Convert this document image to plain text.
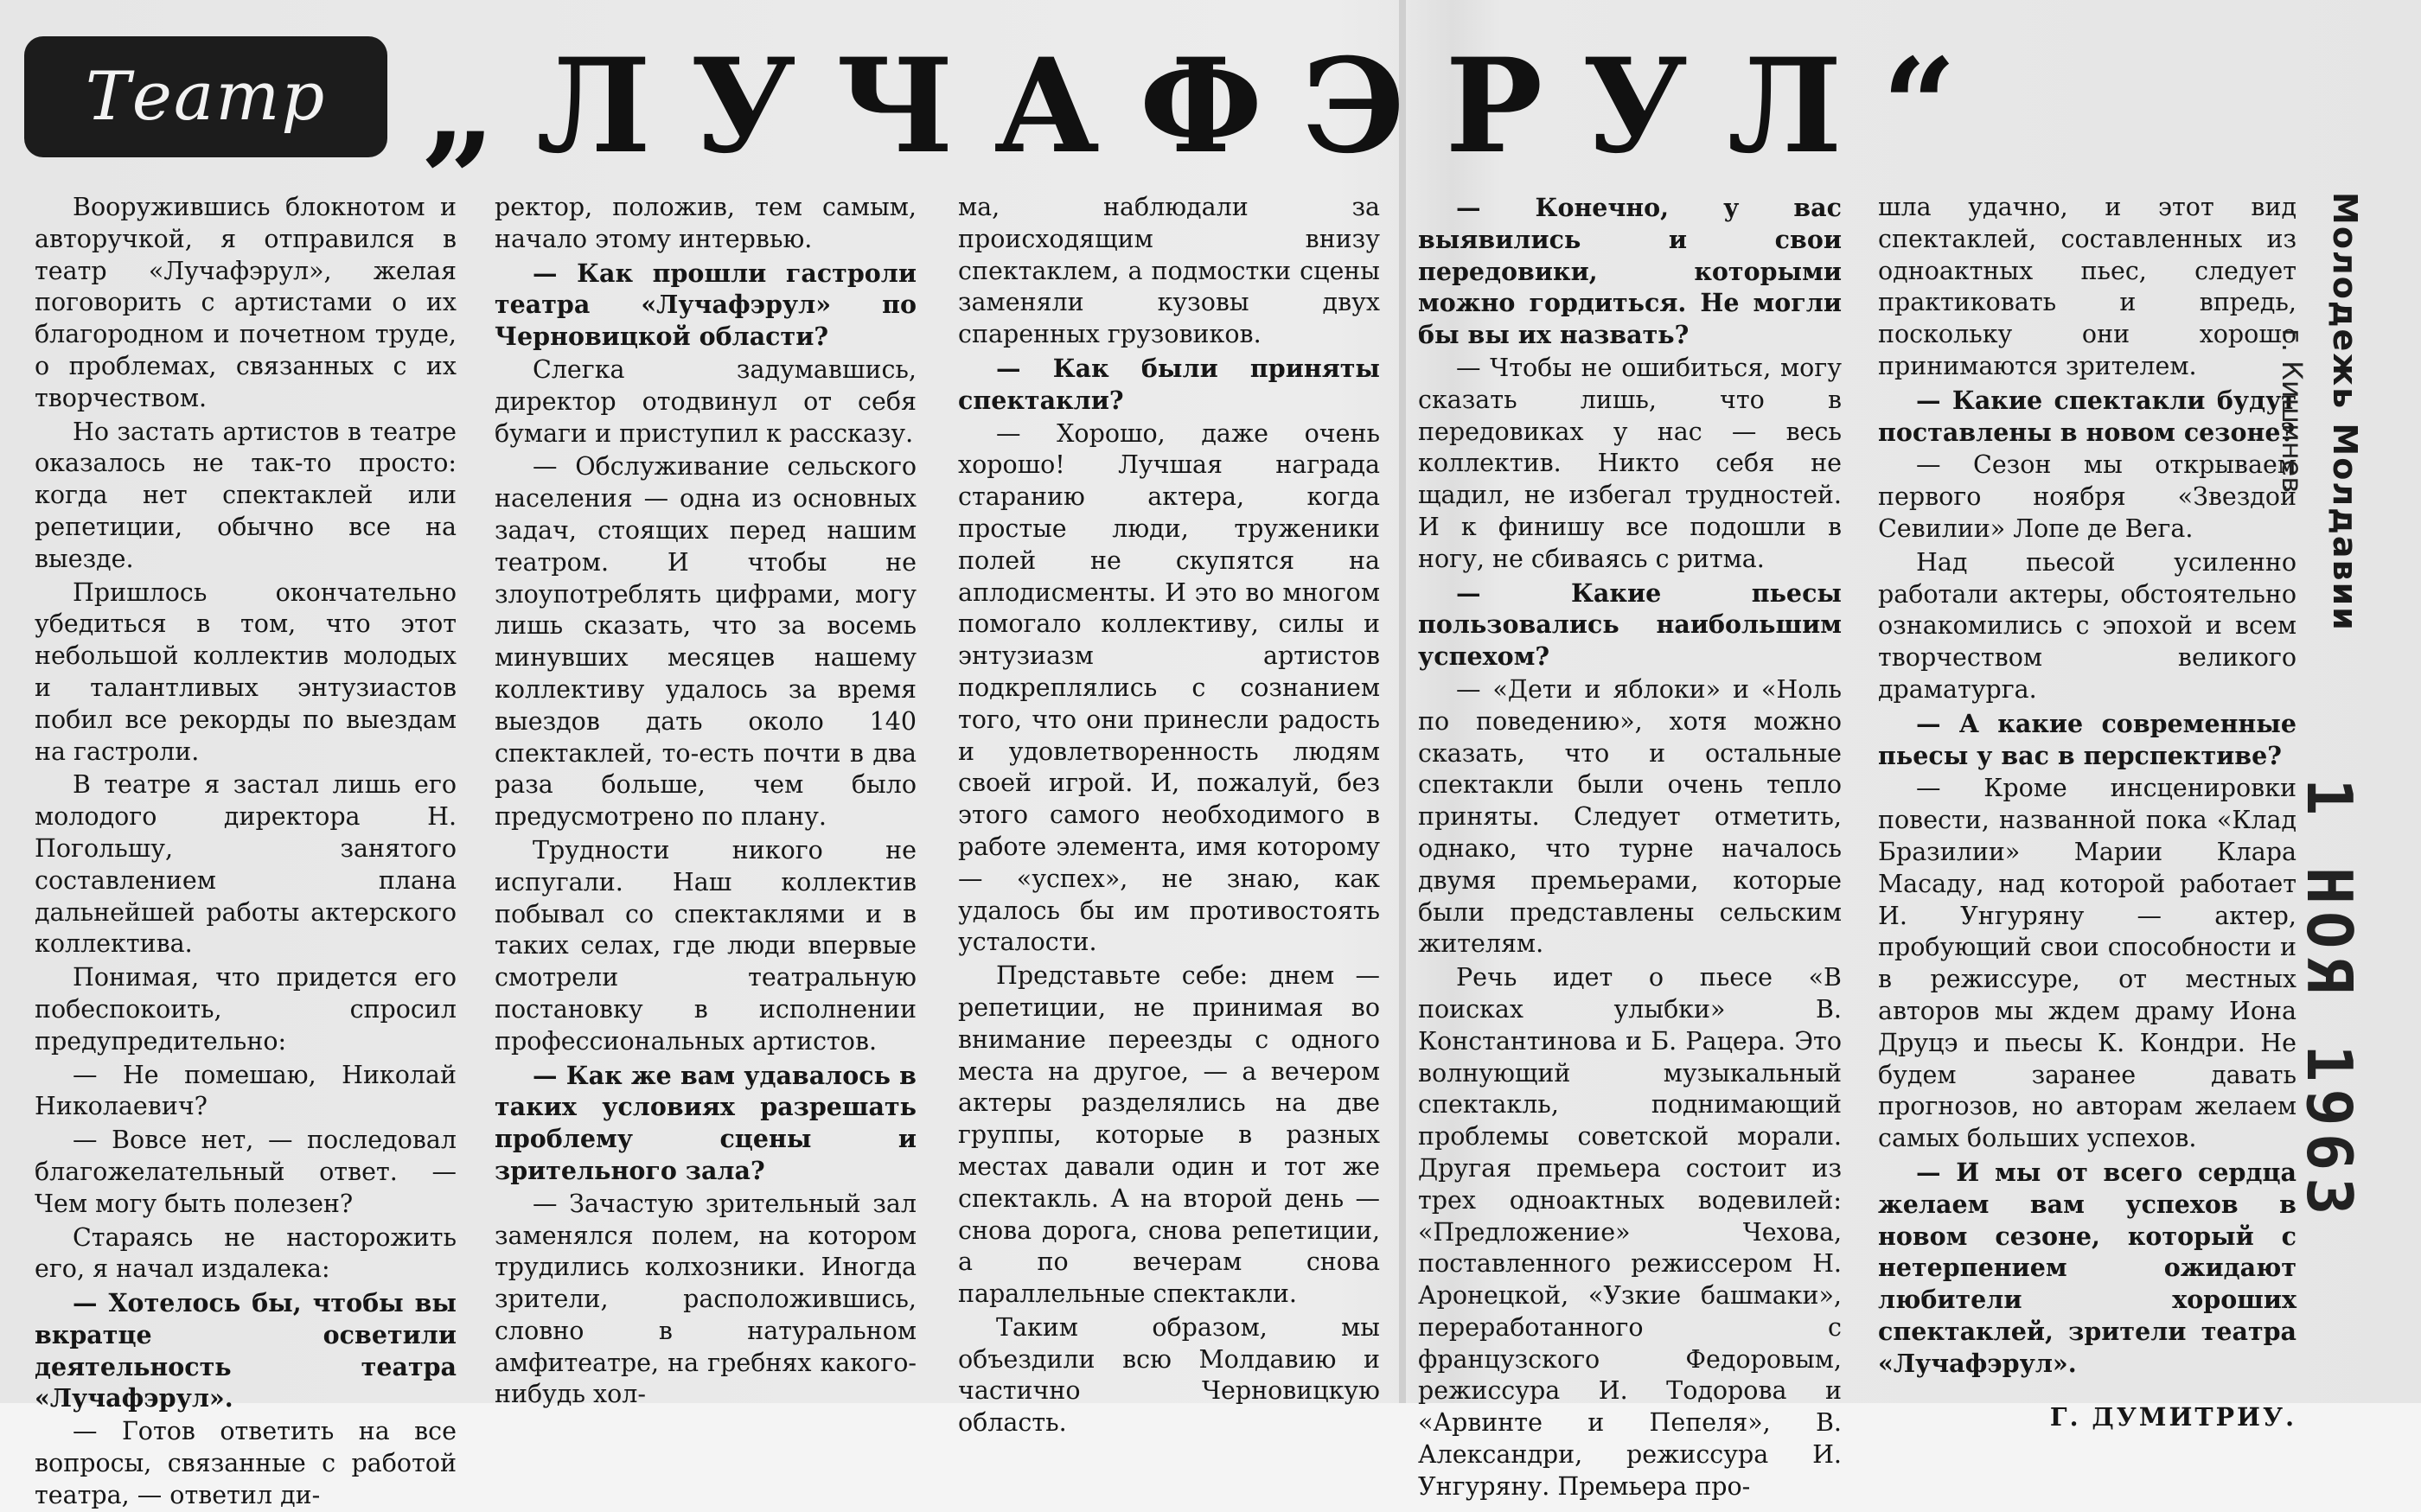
Театр „ЛУЧАФЭРУЛ“

Вооружившись блокнотом и авторучкой, я отправился в театр «Лучафэрул», желая поговорить с артистами о их благородном и почетном труде, о проблемах, связанных с их творчеством.

Но застать артистов в театре оказалось не так-то просто: когда нет спектаклей или репетиции, обычно все на выезде.

Пришлось окончательно убедиться в том, что этот небольшой коллектив молодых и талантливых энтузиастов побил все рекорды по выездам на гастроли.

В театре я застал лишь его молодого директора Н. Погольшу, занятого составлением плана дальнейшей работы актерского коллектива.

Понимая, что придется его побеспокоить, спросил предупредительно:

— Не помешаю, Николай Николаевич?

— Вовсе нет, — последовал благожелательный ответ. — Чем могу быть полезен?

Стараясь не насторожить его, я начал издалека:

— Хотелось бы, чтобы вы вкратце осветили деятельность театра «Лучафэрул».

— Готов ответить на все вопросы, связанные с работой театра, — ответил ди-

ректор, положив, тем самым, начало этому интервью.

— Как прошли гастроли театра «Лучафэрул» по Черновицкой области?

Слегка задумавшись, директор отодвинул от себя бумаги и приступил к рассказу.

— Обслуживание сельского населения — одна из основных задач, стоящих перед нашим театром. И чтобы не злоупотреблять цифрами, могу лишь сказать, что за восемь минувших месяцев нашему коллективу удалось за время выездов дать около 140 спектаклей, то-есть почти в два раза больше, чем было предусмотрено по плану.

Трудности никого не испугали. Наш коллектив побывал со спектаклями и в таких селах, где люди впервые смотрели театральную постановку в исполнении профессиональных артистов.

— Как же вам удавалось в таких условиях разрешать проблему сцены и зрительного зала?

— Зачастую зрительный зал заменялся полем, на котором трудились колхозники. Иногда зрители, расположившись, словно в натуральном амфитеатре, на гребнях какого-нибудь хол-

ма, наблюдали за происходящим внизу спектаклем, а подмостки сцены заменяли кузовы двух спаренных грузовиков.

— Как были приняты спектакли?

— Хорошо, даже очень хорошо! Лучшая награда старанию актера, когда простые люди, труженики полей не скупятся на аплодисменты. И это во многом помогало коллективу, силы и энтузиазм артистов подкреплялись с сознанием того, что они принесли радость и удовлетворенность людям своей игрой. И, пожалуй, без этого самого необходимого в работе элемента, имя которому — «успех», не знаю, как удалось бы им противостоять усталости.

Представьте себе: днем — репетиции, не принимая во внимание переезды с одного места на другое, — а вечером актеры разделялись на две группы, которые в разных местах давали один и тот же спектакль. А на второй день — снова дорога, снова репетиции, а по вечерам снова параллельные спектакли.

Таким образом, мы объездили всю Молдавию и частично Черновицкую область.

— Конечно, у вас выявились и свои передовики, которыми можно гордиться. Не могли бы вы их назвать?

— Чтобы не ошибиться, могу сказать лишь, что в передовиках у нас — весь коллектив. Никто себя не щадил, не избегал трудностей. И к финишу все подошли в ногу, не сбиваясь с ритма.

— Какие пьесы пользовались наибольшим успехом?

— «Дети и яблоки» и «Ноль по поведению», хотя можно сказать, что и остальные спектакли были очень тепло приняты. Следует отметить, однако, что турне началось двумя премьерами, которые были представлены сельским жителям.

Речь идет о пьесе «В поисках улыбки» В. Константинова и Б. Рацера. Это волнующий музыкальный спектакль, поднимающий проблемы советской морали. Другая премьера состоит из трех одноактных водевилей: «Предложение» Чехова, поставленного режиссером Н. Аронецкой, «Узкие башмаки», переработанного с французского Федоровым, режиссура И. Тодорова и «Арвинте и Пепеля», В. Александри, режиссура И. Унгуряну. Премьера про-

шла удачно, и этот вид спектаклей, составленных из одноактных пьес, следует практиковать и впредь, поскольку они хорошо принимаются зрителем.

— Какие спектакли будут поставлены в новом сезоне?

— Сезон мы открываем первого ноября «Звездой Севилии» Лопе де Вега.

Над пьесой усиленно работали актеры, обстоятельно ознакомились с эпохой и всем творчеством великого драматурга.

— А какие современные пьесы у вас в перспективе?

— Кроме инсценировки повести, названной пока «Клад Бразилии» Марии Клара Масаду, над которой работает И. Унгуряну — актер, пробующий свои способности и в режиссуре, от местных авторов мы ждем драму Иона Друцэ и пьесы К. Кондри. Не будем заранее давать прогнозов, но авторам желаем самых больших успехов.

— И мы от всего сердца желаем вам успехов в новом сезоне, который с нетерпением ожидают любители хороших спектаклей, зрители театра «Лучафэрул».

Г. ДУМИТРИУ.

Молодежь Молдавии
г. Кишинев
1 НОЯ 1963
